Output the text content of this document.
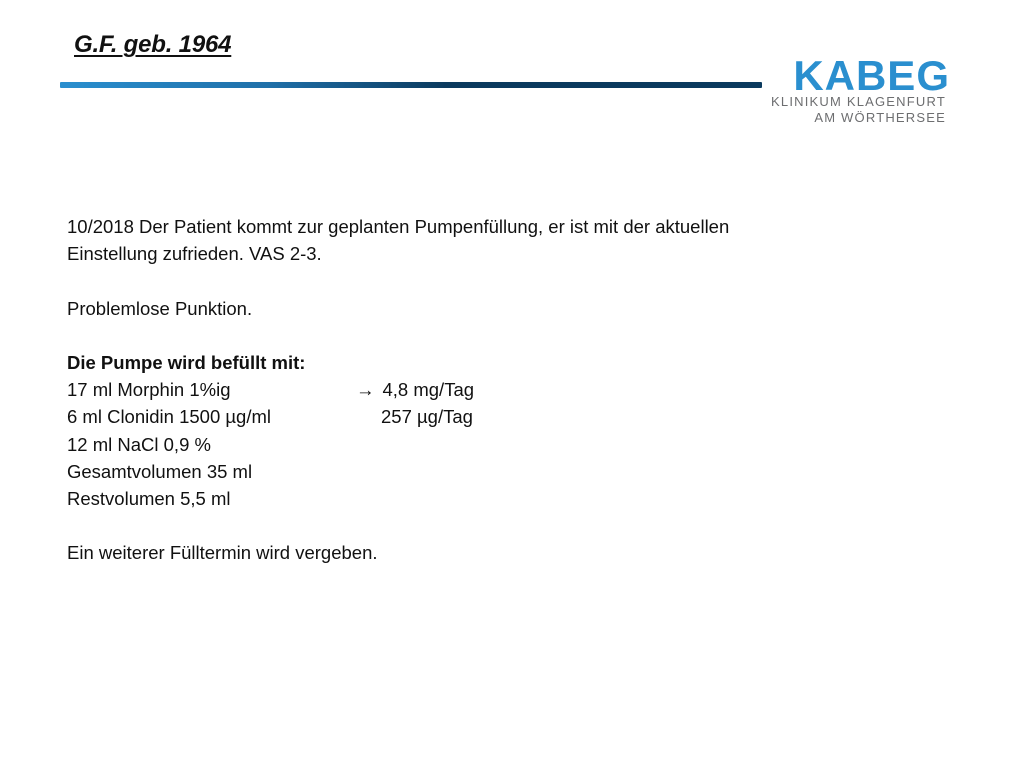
G.F. geb. 1964
KABEG
KLINIKUM KLAGENFURT
AM WÖRTHERSEE
10/2018 Der Patient kommt zur geplanten Pumpenfüllung, er ist mit der aktuellen
Einstellung zufrieden. VAS 2-3.
Problemlose Punktion.
Die Pumpe wird befüllt mit:
17 ml Morphin 1%ig	→ 4,8 mg/Tag
6 ml Clonidin 1500 µg/ml	257 µg/Tag
12 ml NaCl 0,9 %
Gesamtvolumen 35 ml
Restvolumen 5,5 ml
Ein weiterer Fülltermin wird vergeben.
